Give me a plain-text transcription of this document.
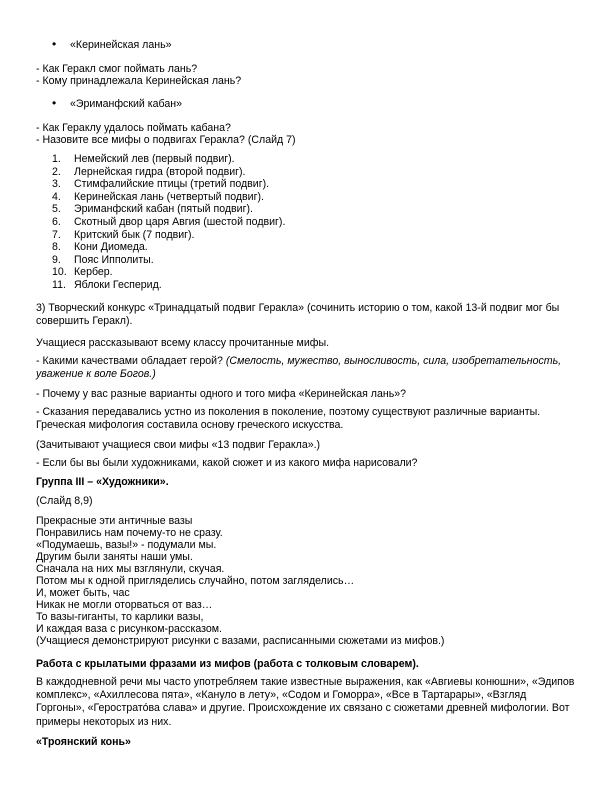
• «Керинейская лань»
- Как Геракл смог поймать лань?
- Кому принадлежала Керинейская лань?
• «Эриманфский кабан»
- Как Гераклу удалось поймать кабана?
- Назовите все мифы о подвигах Геракла? (Слайд 7)
1. Немейский лев (первый подвиг).
2. Лернейская гидра (второй подвиг).
3. Стимфалийские птицы (третий подвиг).
4. Керинейская лань (четвертый подвиг).
5. Эриманфский кабан (пятый подвиг).
6. Скотный двор царя Авгия (шестой подвиг).
7. Критский бык (7 подвиг).
8. Кони Диомеда.
9. Пояс Ипполиты.
10. Кербер.
11. Яблоки Гесперид.

3) Творческий конкурс «Тринадцатый подвиг Геракла» (сочинить историю о том, какой 13-й подвиг мог бы совершить Геракл).

Учащиеся рассказывают всему классу прочитанные мифы.

- Какими качествами обладает герой? (Смелость, мужество, выносливость, сила, изобретательность, уважение к воле Богов.)

- Почему у вас разные варианты одного и того мифа «Керинейская лань»?

- Сказания передавались устно из поколения в поколение, поэтому существуют различные варианты. Греческая мифология составила основу греческого искусства.

(Зачитывают учащиеся свои мифы «13 подвиг Геракла».)

- Если бы вы были художниками, какой сюжет и из какого мифа нарисовали?

Группа III – «Художники».

(Слайд 8,9)

Прекрасные эти античные вазы
Понравились нам почему-то не сразу.
«Подумаешь, вазы!» - подумали мы.
Другим были заняты наши умы.
Сначала на них мы взглянули, скучая.
Потом мы к одной пригляделись случайно, потом загляделись…
И, может быть, час
Никак не могли оторваться от ваз…
То вазы-гиганты, то карлики вазы,
И каждая ваза с рисунком-рассказом.
(Учащиеся демонстрируют рисунки с вазами, расписанными сюжетами из мифов.)

Работа с крылатыми фразами из мифов (работа с толковым словарем).

В каждодневной речи мы часто употребляем такие известные выражения, как «Авгиевы конюшни», «Эдипов комплекс», «Ахиллесова пята», «Кануло в лету», «Содом и Гоморра», «Все в Тартарары», «Взгляд Горгоны», «Герострато́ва слава» и другие. Происхождение их связано с сюжетами древней мифологии. Вот примеры некоторых из них.

«Троянский конь»
